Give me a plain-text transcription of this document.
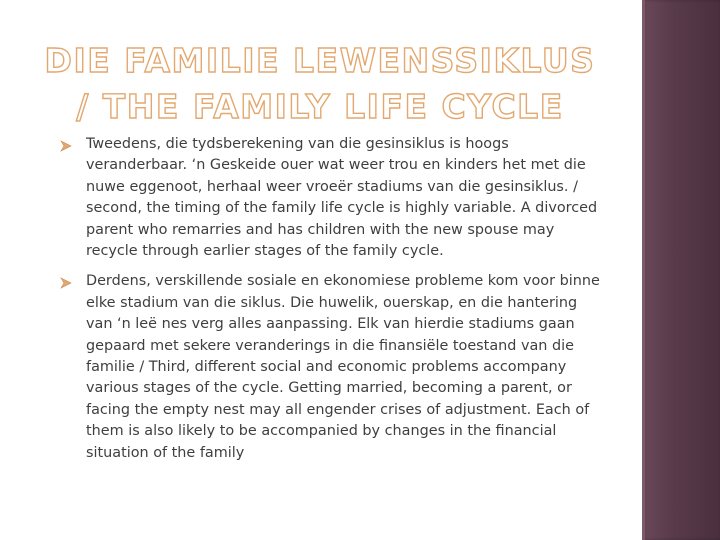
DIE FAMILIE LEWENSSIKLUS / THE FAMILY LIFE CYCLE
Tweedens, die tydsberekening van die gesinsiklus is hoogs veranderbaar. ‘n Geskeide ouer wat weer trou en kinders het met die nuwe eggenoot, herhaal weer vroeër stadiums van die gesinsiklus. / second, the timing of the family life cycle is highly variable. A divorced parent who remarries and has children with the new spouse may recycle through earlier stages of the family cycle.
Derdens, verskillende sosiale en ekonomiese probleme kom voor binne elke stadium van die siklus. Die huwelik, ouerskap, en die hantering van ‘n leë nes verg alles aanpassing. Elk van hierdie stadiums gaan gepaard met sekere veranderings in die finansiële toestand van die familie / Third, different social and economic problems accompany various stages of the cycle. Getting married, becoming a parent, or facing the empty nest may all engender crises of adjustment. Each of them is also likely to be accompanied by changes in the financial situation of the family
